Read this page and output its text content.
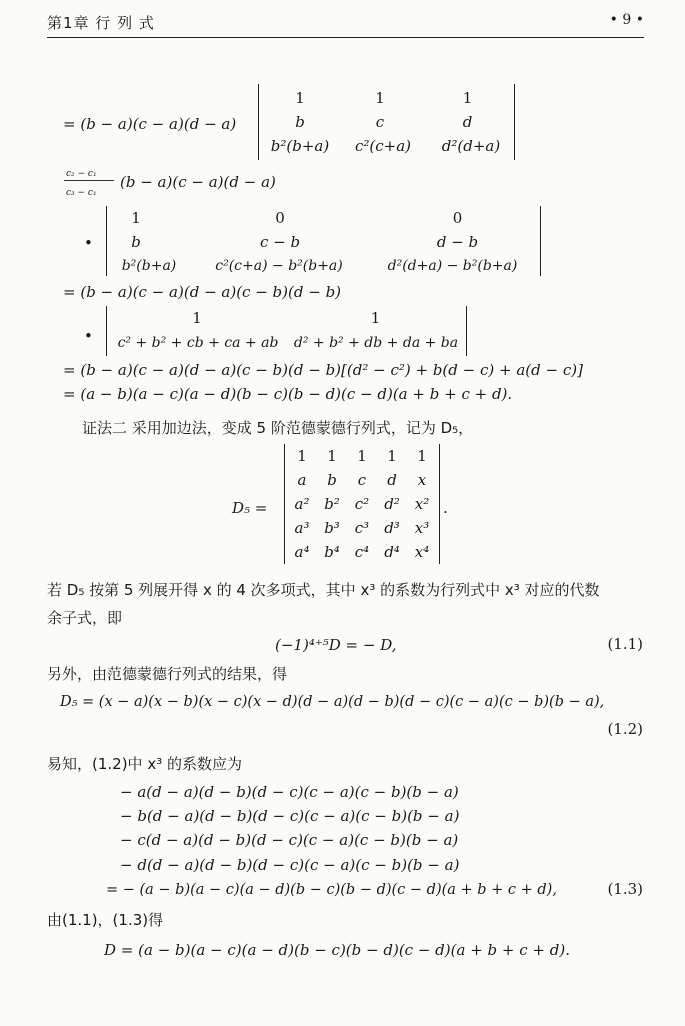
第1章 行 列 式	• 9 •
= (b − a)(c − a)(d − a)
1	1	1
b	c	d
b²(b+a)	c²(c+a)	d²(d+a)
c₂ − c₁
c₃ − c₁
(b − a)(c − a)(d − a)
•
1	0	0
b	c − b	d − b
b²(b+a)	c²(c+a) − b²(b+a)	d²(d+a) − b²(b+a)
= (b − a)(c − a)(d − a)(c − b)(d − b)
•
1	1
c² + b² + cb + ca + ab	d² + b² + db + da + ba
= (b − a)(c − a)(d − a)(c − b)(d − b)[(d² − c²) + b(d − c) + a(d − c)]
= (a − b)(a − c)(a − d)(b − c)(b − d)(c − d)(a + b + c + d).
证法二 采用加边法，变成 5 阶范德蒙德行列式，记为 D₅，
D₅ =	.
1	1	1	1	1
a	b	c	d	x
a² b² c² d² x²
a³ b³ c³ d³ x³
a⁴ b⁴ c⁴ d⁴ x⁴
若 D₅ 按第 5 列展开得 x 的 4 次多项式，其中 x³ 的系数为行列式中 x³ 对应的代数
余子式，即
(−1)⁴⁺⁵D = − D,	(1.1)
另外，由范德蒙德行列式的结果，得
D₅ = (x − a)(x − b)(x − c)(x − d)(d − a)(d − b)(d − c)(c − a)(c − b)(b − a),
(1.2)
易知，(1.2)中 x³ 的系数应为
− a(d − a)(d − b)(d − c)(c − a)(c − b)(b − a)
− b(d − a)(d − b)(d − c)(c − a)(c − b)(b − a)
− c(d − a)(d − b)(d − c)(c − a)(c − b)(b − a)
− d(d − a)(d − b)(d − c)(c − a)(c − b)(b − a)
= − (a − b)(a − c)(a − d)(b − c)(b − d)(c − d)(a + b + c + d),	(1.3)
由(1.1)，(1.3)得
D = (a − b)(a − c)(a − d)(b − c)(b − d)(c − d)(a + b + c + d).
